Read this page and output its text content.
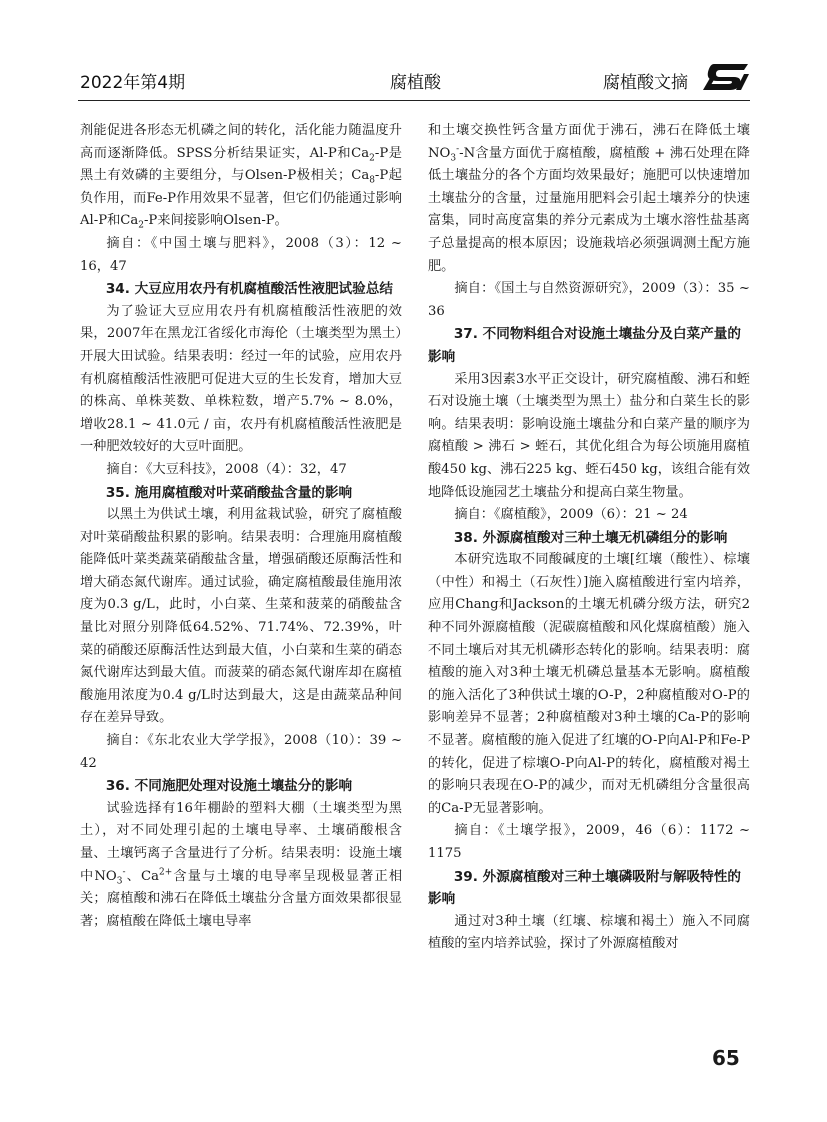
2022年第4期	腐植酸	腐植酸文摘

剂能促进各形态无机磷之间的转化，活化能力随温度升高而逐渐降低。SPSS分析结果证实，Al-P和$Ca_2-P$是黑土有效磷的主要组分，与Olsen-P极相关；$Ca_8-P$起负作用，而Fe-P作用效果不显著，但它们仍能通过影响Al-P和$Ca_2-P$来间接影响Olsen-P。

摘自：《中国土壤与肥料》，2008（3）：12 ~ 16，47

34. 大豆应用农丹有机腐植酸活性液肥试验总结

为了验证大豆应用农丹有机腐植酸活性液肥的效果，2007年在黑龙江省绥化市海伦（土壤类型为黑土）开展大田试验。结果表明：经过一年的试验，应用农丹有机腐植酸活性液肥可促进大豆的生长发育，增加大豆的株高、单株荚数、单株粒数，增产5.7% ~ 8.0%，增收28.1 ~ 41.0元 / 亩，农丹有机腐植酸活性液肥是一种肥效较好的大豆叶面肥。

摘自：《大豆科技》，2008（4）：32，47

35. 施用腐植酸对叶菜硝酸盐含量的影响

以黑土为供试土壤，利用盆栽试验，研究了腐植酸对叶菜硝酸盐积累的影响。结果表明：合理施用腐植酸能降低叶菜类蔬菜硝酸盐含量，增强硝酸还原酶活性和增大硝态氮代谢库。通过试验，确定腐植酸最佳施用浓度为0.3 g/L，此时，小白菜、生菜和菠菜的硝酸盐含量比对照分别降低64.52%、71.74%、72.39%，叶菜的硝酸还原酶活性达到最大值，小白菜和生菜的硝态氮代谢库达到最大值。而菠菜的硝态氮代谢库却在腐植酸施用浓度为0.4 g/L时达到最大，这是由蔬菜品种间存在差异导致。

摘自：《东北农业大学学报》，2008（10）：39 ~ 42

36. 不同施肥处理对设施土壤盐分的影响

试验选择有16年棚龄的塑料大棚（土壤类型为黑土），对不同处理引起的土壤电导率、土壤硝酸根含量、土壤钙离子含量进行了分析。结果表明：设施土壤中$NO_3^-$、$Ca^{2+}$含量与土壤的电导率呈现极显著正相关；腐植酸和沸石在降低土壤盐分含量方面效果都很显著；腐植酸在降低土壤电导率

和土壤交换性钙含量方面优于沸石，沸石在降低土壤$NO_3^--N$含量方面优于腐植酸，腐植酸 + 沸石处理在降低土壤盐分的各个方面均效果最好；施肥可以快速增加土壤盐分的含量，过量施用肥料会引起土壤养分的快速富集，同时高度富集的养分元素成为土壤水溶性盐基离子总量提高的根本原因；设施栽培必须强调测土配方施肥。

摘自：《国土与自然资源研究》，2009（3）：35 ~ 36

37. 不同物料组合对设施土壤盐分及白菜产量的影响

采用3因素3水平正交设计，研究腐植酸、沸石和蛭石对设施土壤（土壤类型为黑土）盐分和白菜生长的影响。结果表明：影响设施土壤盐分和白菜产量的顺序为腐植酸 > 沸石 > 蛭石，其优化组合为每公顷施用腐植酸450 kg、沸石225 kg、蛭石450 kg，该组合能有效地降低设施园艺土壤盐分和提高白菜生物量。

摘自：《腐植酸》，2009（6）：21 ~ 24

38. 外源腐植酸对三种土壤无机磷组分的影响

本研究选取不同酸碱度的土壤[红壤（酸性）、棕壤（中性）和褐土（石灰性）]施入腐植酸进行室内培养，应用Chang和Jackson的土壤无机磷分级方法，研究2种不同外源腐植酸（泥碳腐植酸和风化煤腐植酸）施入不同土壤后对其无机磷形态转化的影响。结果表明：腐植酸的施入对3种土壤无机磷总量基本无影响。腐植酸的施入活化了3种供试土壤的O-P，2种腐植酸对O-P的影响差异不显著；2种腐植酸对3种土壤的Ca-P的影响不显著。腐植酸的施入促进了红壤的O-P向Al-P和Fe-P的转化，促进了棕壤O-P向Al-P的转化，腐植酸对褐土的影响只表现在O-P的减少，而对无机磷组分含量很高的Ca-P无显著影响。

摘自：《土壤学报》，2009，46（6）：1172 ~ 1175

39. 外源腐植酸对三种土壤磷吸附与解吸特性的影响

通过对3种土壤（红壤、棕壤和褐土）施入不同腐植酸的室内培养试验，探讨了外源腐植酸对

65
